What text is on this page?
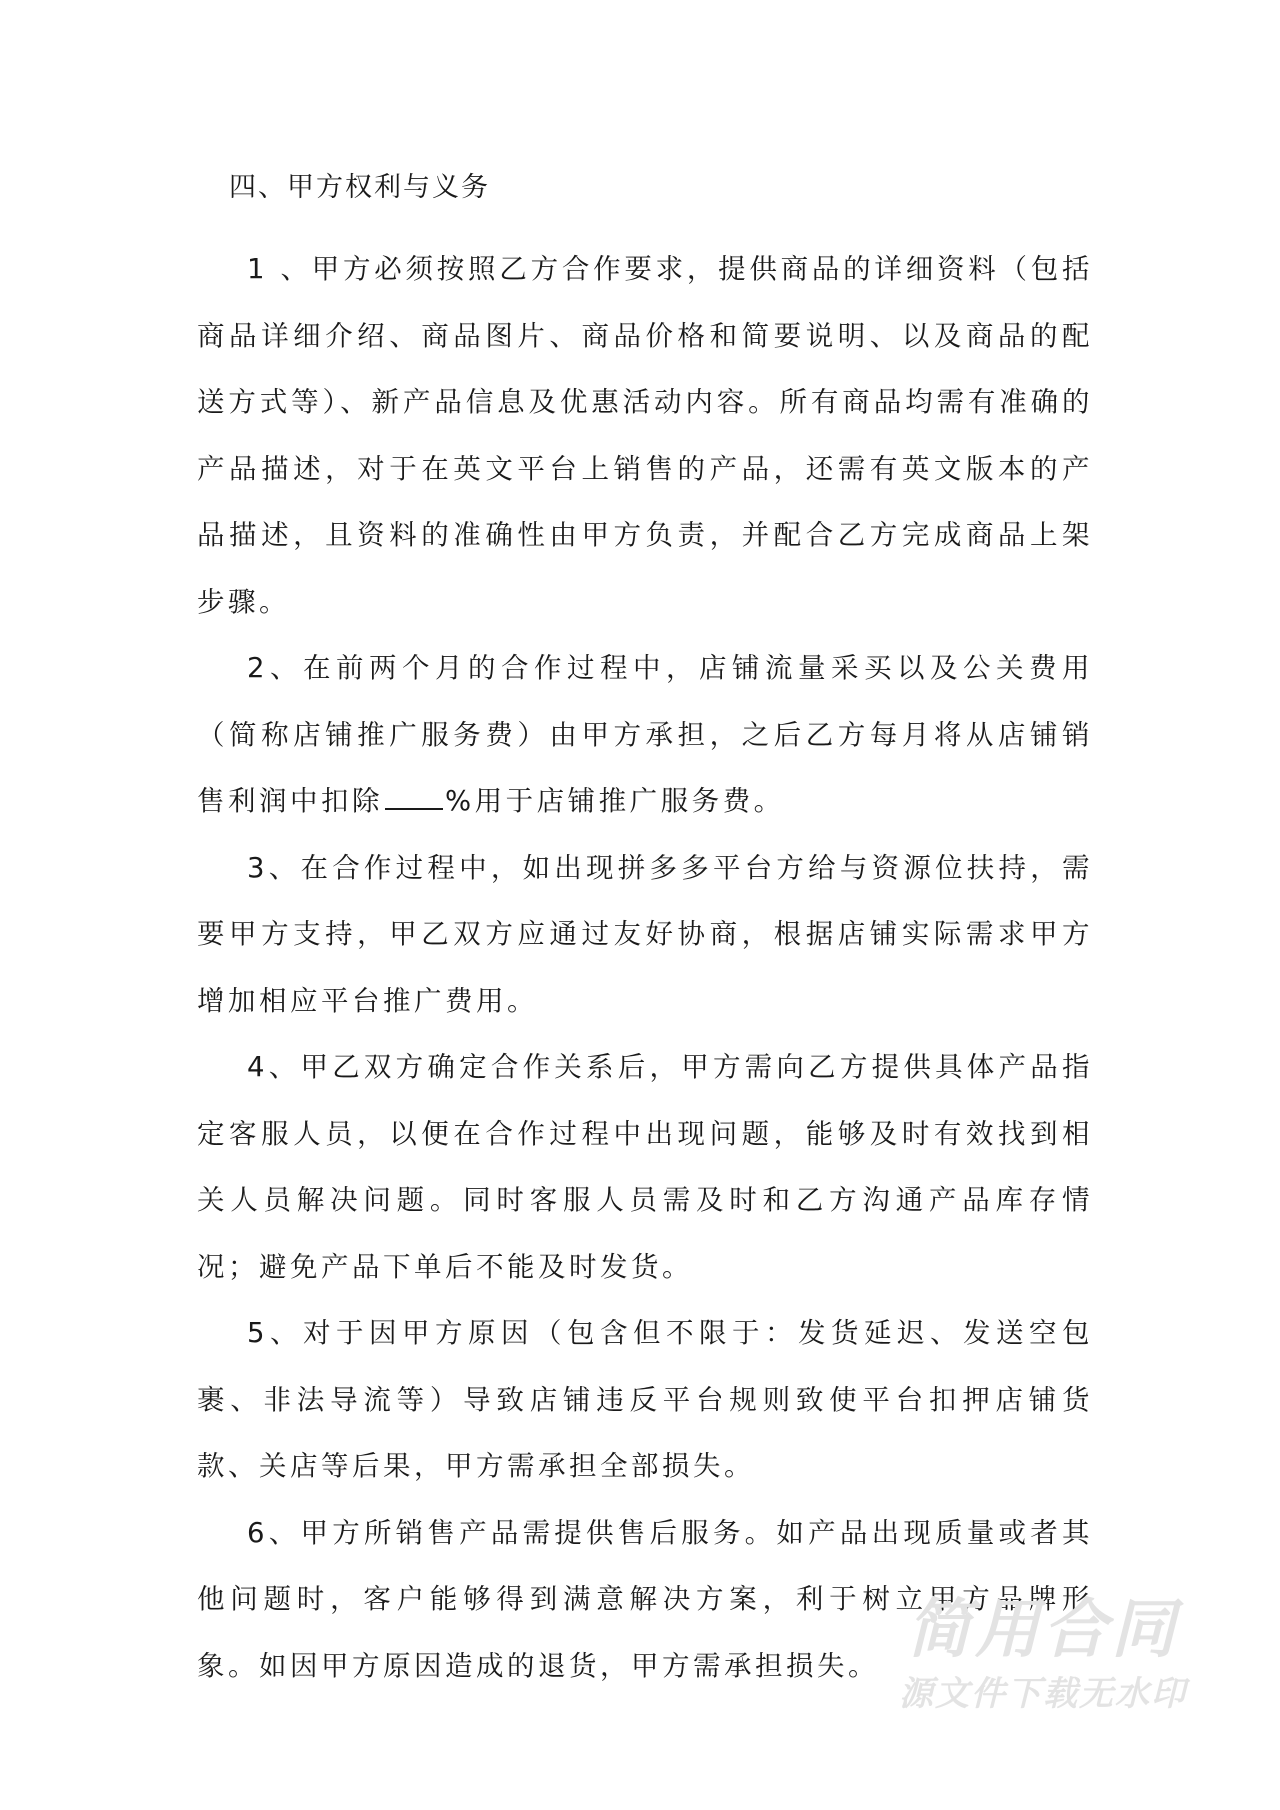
四、甲方权利与义务

1 、甲方必须按照乙方合作要求，提供商品的详细资料（包括商品详细介绍、商品图片、商品价格和简要说明、以及商品的配送方式等）、新产品信息及优惠活动内容。所有商品均需有准确的产品描述，对于在英文平台上销售的产品，还需有英文版本的产品描述，且资料的准确性由甲方负责，并配合乙方完成商品上架步骤。

2、在前两个月的合作过程中，店铺流量采买以及公关费用（简称店铺推广服务费）由甲方承担，之后乙方每月将从店铺销售利润中扣除 %用于店铺推广服务费。

3、在合作过程中，如出现拼多多平台方给与资源位扶持，需要甲方支持，甲乙双方应通过友好协商，根据店铺实际需求甲方增加相应平台推广费用。

4、甲乙双方确定合作关系后，甲方需向乙方提供具体产品指定客服人员，以便在合作过程中出现问题，能够及时有效找到相关人员解决问题。同时客服人员需及时和乙方沟通产品库存情况；避免产品下单后不能及时发货。

5、对于因甲方原因（包含但不限于：发货延迟、发送空包裹、非法导流等）导致店铺违反平台规则致使平台扣押店铺货款、关店等后果，甲方需承担全部损失。

6、甲方所销售产品需提供售后服务。如产品出现质量或者其他问题时，客户能够得到满意解决方案，利于树立甲方品牌形象。如因甲方原因造成的退货，甲方需承担损失。 简用合同
源文件下载无水印
